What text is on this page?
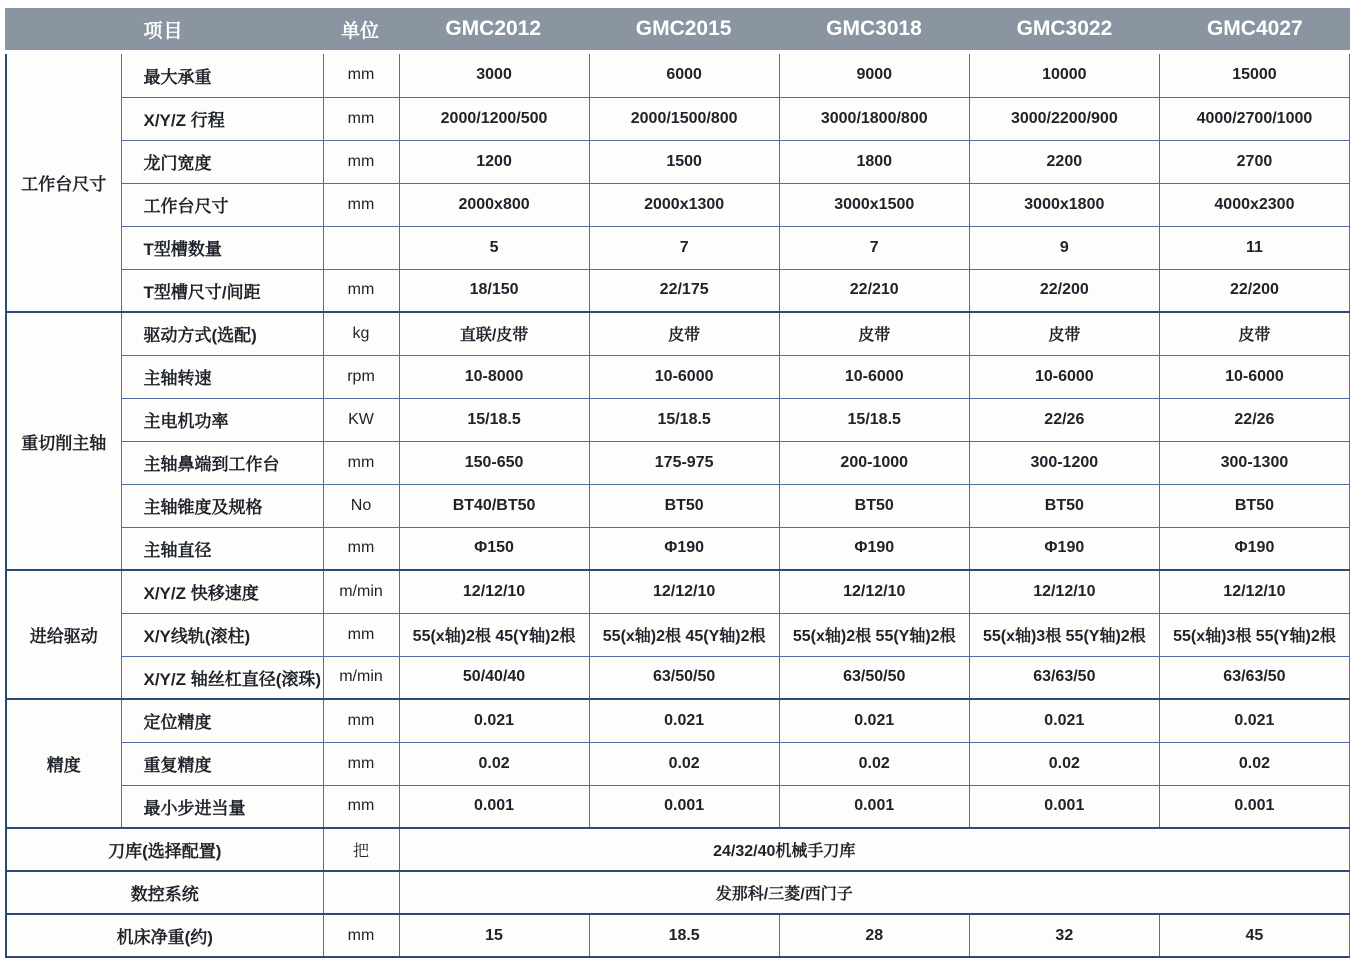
项目	单位	GMC2012	GMC2015	GMC3018	GMC3022	GMC4027
工作台尺寸	最大承重	mm	3000	6000	9000	10000	15000
	X/Y/Z 行程	mm	2000/1200/500	2000/1500/800	3000/1800/800	3000/2200/900	4000/2700/1000
	龙门宽度	mm	1200	1500	1800	2200	2700
	工作台尺寸	mm	2000x800	2000x1300	3000x1500	3000x1800	4000x2300
	T型槽数量		5	7	7	9	11
	T型槽尺寸/间距	mm	18/150	22/175	22/210	22/200	22/200
重切削主轴	驱动方式(选配)	kg	直联/皮带	皮带	皮带	皮带	皮带
	主轴转速	rpm	10-8000	10-6000	10-6000	10-6000	10-6000
	主电机功率	KW	15/18.5	15/18.5	15/18.5	22/26	22/26
	主轴鼻端到工作台	mm	150-650	175-975	200-1000	300-1200	300-1300
	主轴锥度及规格	No	BT40/BT50	BT50	BT50	BT50	BT50
	主轴直径	mm	Φ150	Φ190	Φ190	Φ190	Φ190
进给驱动	X/Y/Z 快移速度	m/min	12/12/10	12/12/10	12/12/10	12/12/10	12/12/10
	X/Y线轨(滚柱)	mm	55(x轴)2根 45(Y轴)2根	55(x轴)2根 45(Y轴)2根	55(x轴)2根 55(Y轴)2根	55(x轴)3根 55(Y轴)2根	55(x轴)3根 55(Y轴)2根
	X/Y/Z 轴丝杠直径(滚珠)	m/min	50/40/40	63/50/50	63/50/50	63/63/50	63/63/50
精度	定位精度	mm	0.021	0.021	0.021	0.021	0.021
	重复精度	mm	0.02	0.02	0.02	0.02	0.02
	最小步进当量	mm	0.001	0.001	0.001	0.001	0.001
刀库(选择配置)		把	24/32/40机械手刀库				
数控系统			发那科/三菱/西门子				
机床净重(约)		mm	15	18.5	28	32	45
